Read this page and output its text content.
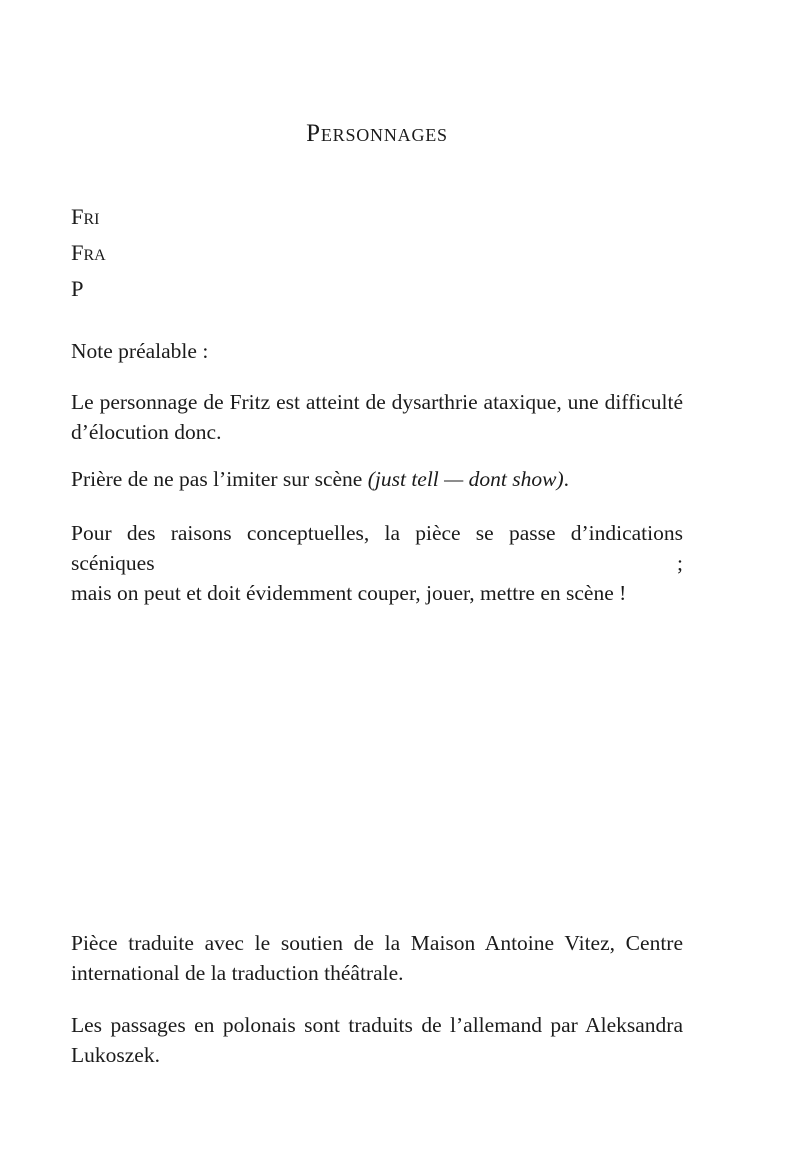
Personnages
Fri
Fra
P
Note préalable :
Le personnage de Fritz est atteint de dysarthrie ataxique, une difficulté
d’élocution donc.
Prière de ne pas l’imiter sur scène (just tell — dont show).
Pour des raisons conceptuelles, la pièce se passe d’indications scéniques ;
mais on peut et doit évidemment couper, jouer, mettre en scène !
Pièce traduite avec le soutien de la Maison Antoine Vitez, Centre
international de la traduction théâtrale.
Les passages en polonais sont traduits de l’allemand par Aleksandra
Lukoszek.
